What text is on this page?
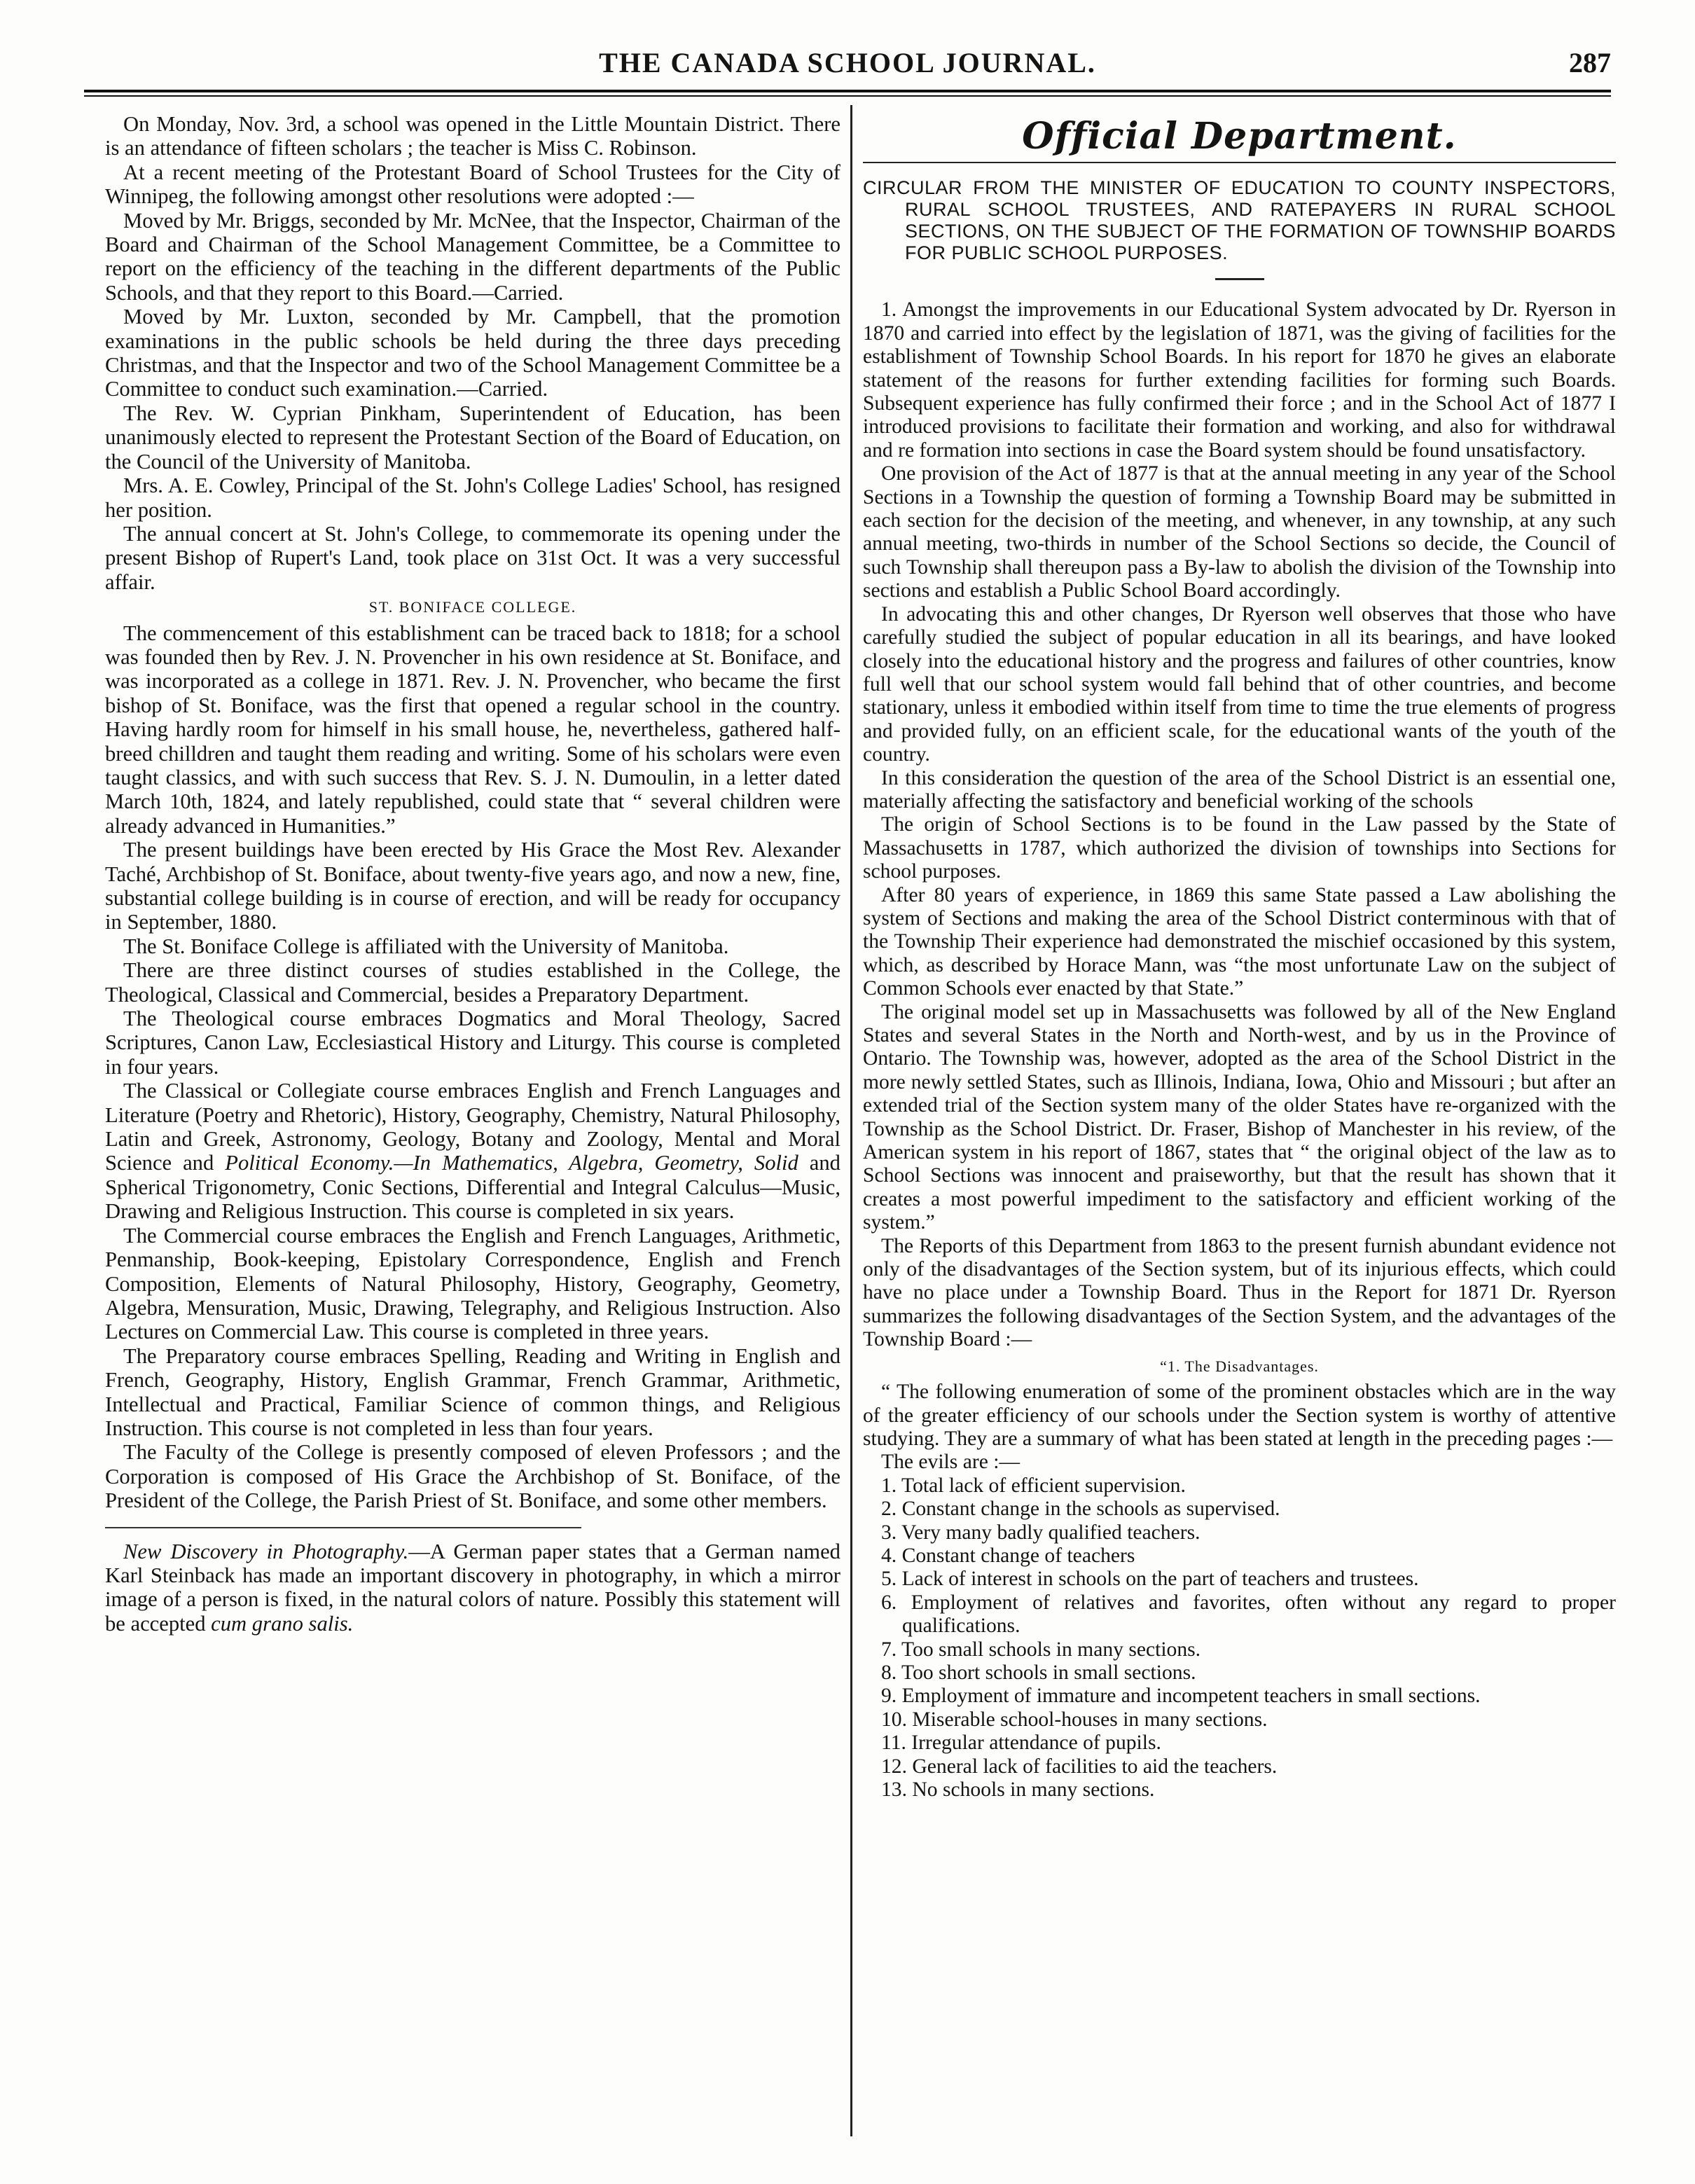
THE CANADA SCHOOL JOURNAL.	287

On Monday, Nov. 3rd, a school was opened in the Little Mountain District. There is an attendance of fifteen scholars ; the teacher is Miss C. Robinson.

At a recent meeting of the Protestant Board of School Trustees for the City of Winnipeg, the following amongst other resolutions were adopted :—

Moved by Mr. Briggs, seconded by Mr. McNee, that the Inspector, Chairman of the Board and Chairman of the School Management Committee, be a Committee to report on the efficiency of the teaching in the different departments of the Public Schools, and that they report to this Board.—Carried.

Moved by Mr. Luxton, seconded by Mr. Campbell, that the promotion examinations in the public schools be held during the three days preceding Christmas, and that the Inspector and two of the School Management Committee be a Committee to conduct such examination.—Carried.

The Rev. W. Cyprian Pinkham, Superintendent of Education, has been unanimously elected to represent the Protestant Section of the Board of Education, on the Council of the University of Manitoba.

Mrs. A. E. Cowley, Principal of the St. John's College Ladies' School, has resigned her position.

The annual concert at St. John's College, to commemorate its opening under the present Bishop of Rupert's Land, took place on 31st Oct. It was a very successful affair.

ST. BONIFACE COLLEGE.

The commencement of this establishment can be traced back to 1818; for a school was founded then by Rev. J. N. Provencher in his own residence at St. Boniface, and was incorporated as a college in 1871. Rev. J. N. Provencher, who became the first bishop of St. Boniface, was the first that opened a regular school in the country. Having hardly room for himself in his small house, he, nevertheless, gathered half-breed chilldren and taught them reading and writing. Some of his scholars were even taught classics, and with such success that Rev. S. J. N. Dumoulin, in a letter dated March 10th, 1824, and lately republished, could state that “ several children were already advanced in Humanities.”

The present buildings have been erected by His Grace the Most Rev. Alexander Taché, Archbishop of St. Boniface, about twenty-five years ago, and now a new, fine, substantial college building is in course of erection, and will be ready for occupancy in September, 1880.

The St. Boniface College is affiliated with the University of Manitoba.

There are three distinct courses of studies established in the College, the Theological, Classical and Commercial, besides a Preparatory Department.

The Theological course embraces Dogmatics and Moral Theology, Sacred Scriptures, Canon Law, Ecclesiastical History and Liturgy. This course is completed in four years.

The Classical or Collegiate course embraces English and French Languages and Literature (Poetry and Rhetoric), History, Geography, Chemistry, Natural Philosophy, Latin and Greek, Astronomy, Geology, Botany and Zoology, Mental and Moral Science and Political Economy.—In Mathematics, Algebra, Geometry, Solid and Spherical Trigonometry, Conic Sections, Differential and Integral Calculus—Music, Drawing and Religious Instruction. This course is completed in six years.

The Commercial course embraces the English and French Languages, Arithmetic, Penmanship, Book-keeping, Epistolary Correspondence, English and French Composition, Elements of Natural Philosophy, History, Geography, Geometry, Algebra, Mensuration, Music, Drawing, Telegraphy, and Religious Instruction. Also Lectures on Commercial Law. This course is completed in three years.

The Preparatory course embraces Spelling, Reading and Writing in English and French, Geography, History, English Grammar, French Grammar, Arithmetic, Intellectual and Practical, Familiar Science of common things, and Religious Instruction. This course is not completed in less than four years.

The Faculty of the College is presently composed of eleven Professors ; and the Corporation is composed of His Grace the Archbishop of St. Boniface, of the President of the College, the Parish Priest of St. Boniface, and some other members.

New Discovery in Photography.—A German paper states that a German named Karl Steinback has made an important discovery in photography, in which a mirror image of a person is fixed, in the natural colors of nature. Possibly this statement will be accepted cum grano salis.

Official Department.
CIRCULAR FROM THE MINISTER OF EDUCATION TO COUNTY INSPECTORS, RURAL SCHOOL TRUSTEES, AND RATEPAYERS IN RURAL SCHOOL SECTIONS, ON THE SUBJECT OF THE FORMATION OF TOWNSHIP BOARDS FOR PUBLIC SCHOOL PURPOSES.

1. Amongst the improvements in our Educational System advocated by Dr. Ryerson in 1870 and carried into effect by the legislation of 1871, was the giving of facilities for the establishment of Township School Boards. In his report for 1870 he gives an elaborate statement of the reasons for further extending facilities for forming such Boards. Subsequent experience has fully confirmed their force ; and in the School Act of 1877 I introduced provisions to facilitate their formation and working, and also for withdrawal and re formation into sections in case the Board system should be found unsatisfactory.

One provision of the Act of 1877 is that at the annual meeting in any year of the School Sections in a Township the question of forming a Township Board may be submitted in each section for the decision of the meeting, and whenever, in any township, at any such annual meeting, two-thirds in number of the School Sections so decide, the Council of such Township shall thereupon pass a By-law to abolish the division of the Township into sections and establish a Public School Board accordingly.

In advocating this and other changes, Dr Ryerson well observes that those who have carefully studied the subject of popular education in all its bearings, and have looked closely into the educational history and the progress and failures of other countries, know full well that our school system would fall behind that of other countries, and become stationary, unless it embodied within itself from time to time the true elements of progress and provided fully, on an efficient scale, for the educational wants of the youth of the country.

In this consideration the question of the area of the School District is an essential one, materially affecting the satisfactory and beneficial working of the schools

The origin of School Sections is to be found in the Law passed by the State of Massachusetts in 1787, which authorized the division of townships into Sections for school purposes.

After 80 years of experience, in 1869 this same State passed a Law abolishing the system of Sections and making the area of the School District conterminous with that of the Township Their experience had demonstrated the mischief occasioned by this system, which, as described by Horace Mann, was “the most unfortunate Law on the subject of Common Schools ever enacted by that State.”

The original model set up in Massachusetts was followed by all of the New England States and several States in the North and North-west, and by us in the Province of Ontario. The Township was, however, adopted as the area of the School District in the more newly settled States, such as Illinois, Indiana, Iowa, Ohio and Missouri ; but after an extended trial of the Section system many of the older States have re-organized with the Township as the School District. Dr. Fraser, Bishop of Manchester in his review, of the American system in his report of 1867, states that “ the original object of the law as to School Sections was innocent and praiseworthy, but that the result has shown that it creates a most powerful impediment to the satisfactory and efficient working of the system.”

The Reports of this Department from 1863 to the present furnish abundant evidence not only of the disadvantages of the Section system, but of its injurious effects, which could have no place under a Township Board. Thus in the Report for 1871 Dr. Ryerson summarizes the following disadvantages of the Section System, and the advantages of the Township Board :—

“1. The Disadvantages.

“ The following enumeration of some of the prominent obstacles which are in the way of the greater efficiency of our schools under the Section system is worthy of attentive studying. They are a summary of what has been stated at length in the preceding pages :—

The evils are :—

1. Total lack of efficient supervision.
2. Constant change in the schools as supervised.
3. Very many badly qualified teachers.
4. Constant change of teachers
5. Lack of interest in schools on the part of teachers and trustees.
6. Employment of relatives and favorites, often without any regard to proper qualifications.
7. Too small schools in many sections.
8. Too short schools in small sections.
9. Employment of immature and incompetent teachers in small sections.
10. Miserable school-houses in many sections.
11. Irregular attendance of pupils.
12. General lack of facilities to aid the teachers.
13. No schools in many sections.
